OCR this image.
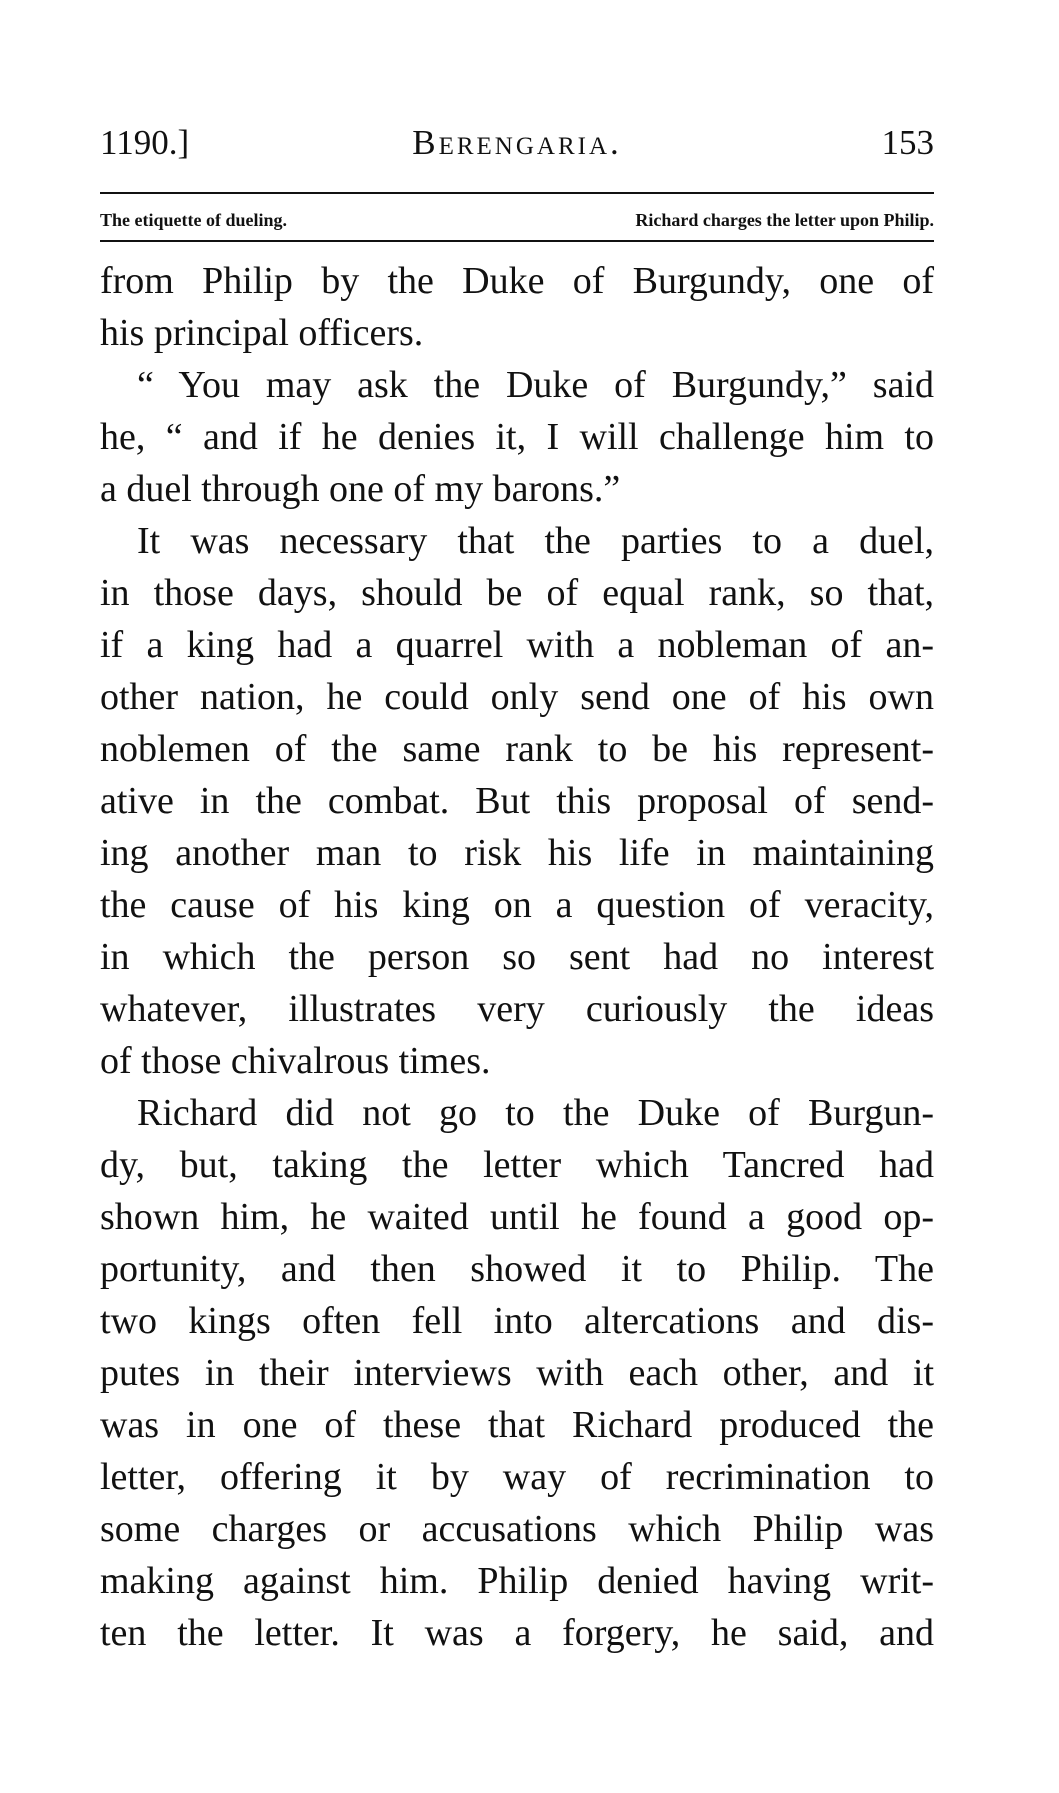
1190.]	Berengaria.	153
The etiquette of dueling.	Richard charges the letter upon Philip.
from Philip by the Duke of Burgundy, one of
his principal officers.
“ You may ask the Duke of Burgundy,” said
he, “ and if he denies it, I will challenge him to
a duel through one of my barons.”
It was necessary that the parties to a duel,
in those days, should be of equal rank, so that,
if a king had a quarrel with a nobleman of an-
other nation, he could only send one of his own
noblemen of the same rank to be his represent-
ative in the combat. But this proposal of send-
ing another man to risk his life in maintaining
the cause of his king on a question of veracity,
in which the person so sent had no interest
whatever, illustrates very curiously the ideas
of those chivalrous times.
Richard did not go to the Duke of Burgun-
dy, but, taking the letter which Tancred had
shown him, he waited until he found a good op-
portunity, and then showed it to Philip. The
two kings often fell into altercations and dis-
putes in their interviews with each other, and it
was in one of these that Richard produced the
letter, offering it by way of recrimination to
some charges or accusations which Philip was
making against him. Philip denied having writ-
ten the letter. It was a forgery, he said, and
